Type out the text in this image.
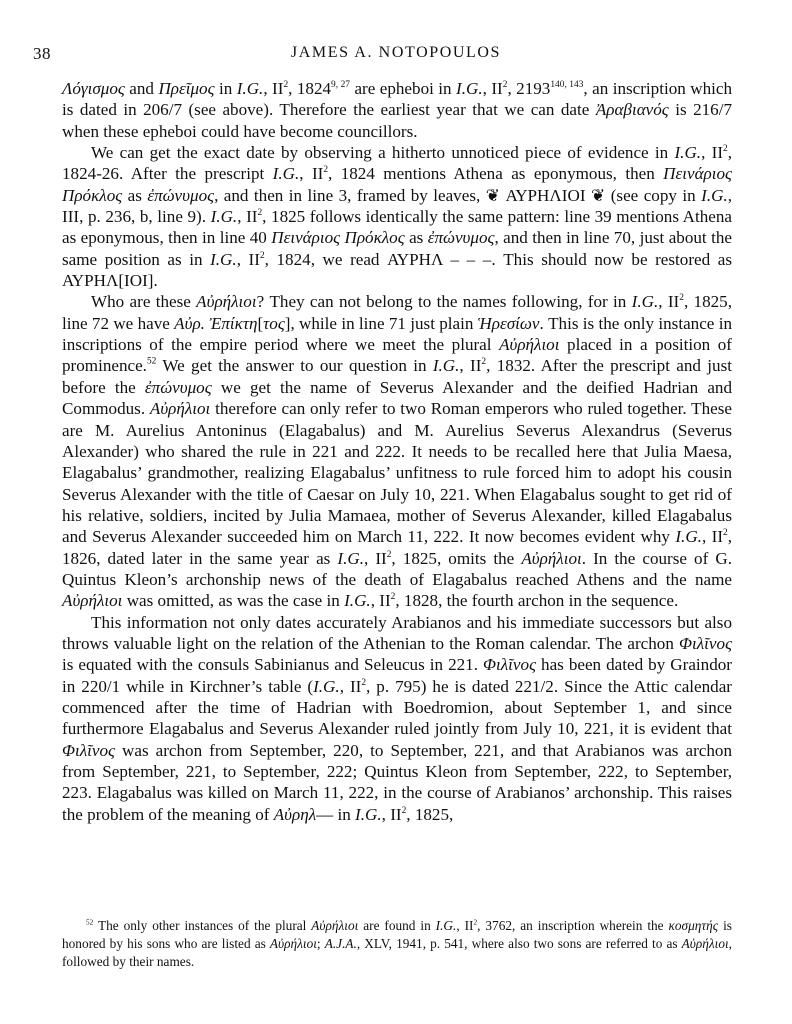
38	JAMES A. NOTOPOULOS

Λόγισμος and Πρεῖμος in I.G., $II^2$, 1824$^{9, 27}$ are epheboi in I.G., $II^2$, 2193$^{140, 143}$, an inscription which is dated in 206/7 (see above). Therefore the earliest year that we can date Ἀραβιανός is 216/7 when these epheboi could have become councillors.

We can get the exact date by observing a hitherto unnoticed piece of evidence in I.G., $II^2$, 1824-26. After the prescript I.G., $II^2$, 1824 mentions Athena as eponymous, then Πεινάριος Πρόκλος as ἐπώνυμος, and then in line 3, framed by leaves, ❦ ΑΥΡΗΛΙΟΙ ❦ (see copy in I.G., III, p. 236, b, line 9). I.G., $II^2$, 1825 follows identically the same pattern: line 39 mentions Athena as eponymous, then in line 40 Πεινάριος Πρόκλος as ἐπώνυμος, and then in line 70, just about the same position as in I.G., $II^2$, 1824, we read ΑΥΡΗΛ – – –. This should now be restored as ΑΥΡΗΛ[ΙΟΙ].

Who are these Αὐρήλιοι? They can not belong to the names following, for in I.G., $II^2$, 1825, line 72 we have Αὐρ. Ἐπίκτη[τος], while in line 71 just plain Ἡρεσίων. This is the only instance in inscriptions of the empire period where we meet the plural Αὐρήλιοι placed in a position of prominence.$^{52}$ We get the answer to our question in I.G., $II^2$, 1832. After the prescript and just before the ἐπώνυμος we get the name of Severus Alexander and the deified Hadrian and Commodus. Αὐρήλιοι therefore can only refer to two Roman emperors who ruled together. These are M. Aurelius Antoninus (Elagabalus) and M. Aurelius Severus Alexandrus (Severus Alexander) who shared the rule in 221 and 222. It needs to be recalled here that Julia Maesa, Elagabalus’ grandmother, realizing Elagabalus’ unfitness to rule forced him to adopt his cousin Severus Alexander with the title of Caesar on July 10, 221. When Elagabalus sought to get rid of his relative, soldiers, incited by Julia Mamaea, mother of Severus Alexander, killed Elagabalus and Severus Alexander succeeded him on March 11, 222. It now becomes evident why I.G., $II^2$, 1826, dated later in the same year as I.G., $II^2$, 1825, omits the Αὐρήλιοι. In the course of G. Quintus Kleon’s archonship news of the death of Elagabalus reached Athens and the name Αὐρήλιοι was omitted, as was the case in I.G., $II^2$, 1828, the fourth archon in the sequence.

This information not only dates accurately Arabianos and his immediate successors but also throws valuable light on the relation of the Athenian to the Roman calendar. The archon Φιλῖνος is equated with the consuls Sabinianus and Seleucus in 221. Φιλῖνος has been dated by Graindor in 220/1 while in Kirchner’s table (I.G., $II^2$, p. 795) he is dated 221/2. Since the Attic calendar commenced after the time of Hadrian with Boedromion, about September 1, and since furthermore Elagabalus and Severus Alexander ruled jointly from July 10, 221, it is evident that Φιλῖνος was archon from September, 220, to September, 221, and that Arabianos was archon from September, 221, to September, 222; Quintus Kleon from September, 222, to September, 223. Elagabalus was killed on March 11, 222, in the course of Arabianos’ archonship. This raises the problem of the meaning of Αὐρηλ— in I.G., $II^2$, 1825,

$^{52}$ The only other instances of the plural Αὐρήλιοι are found in I.G., $II^2$, 3762, an inscription wherein the κοσμητής is honored by his sons who are listed as Αὐρήλιοι; A.J.A., XLV, 1941, p. 541, where also two sons are referred to as Αὐρήλιοι, followed by their names.
